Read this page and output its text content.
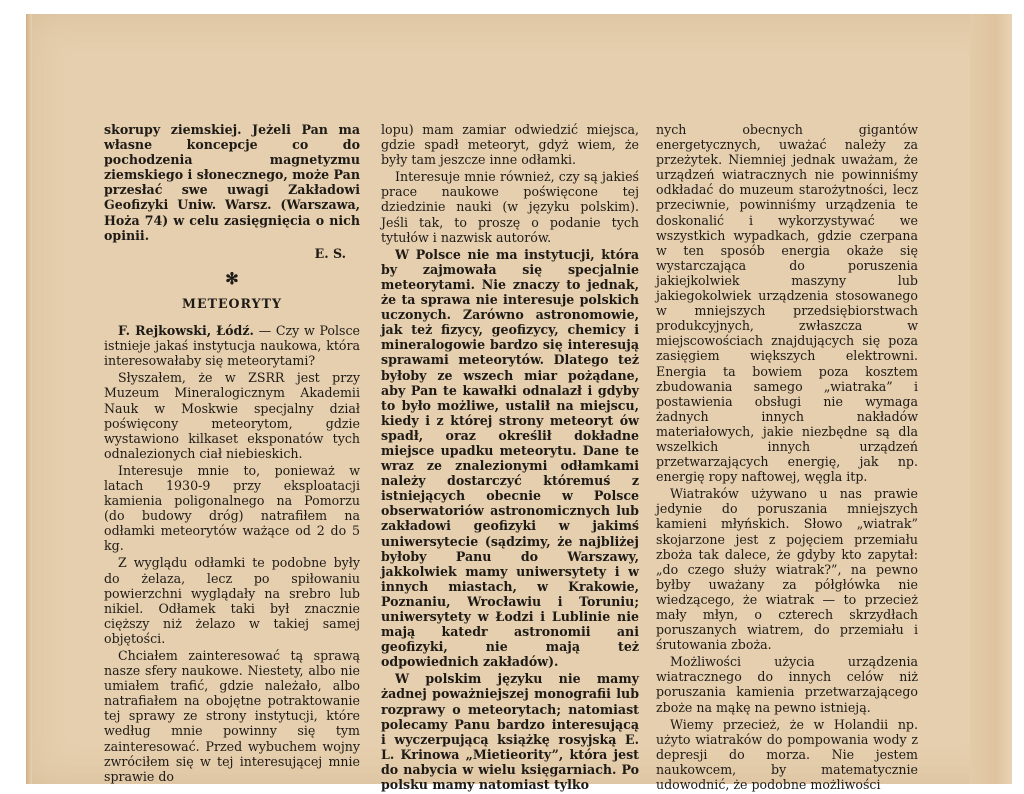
skorupy ziemskiej. Jeżeli Pan ma własne koncepcje co do pochodzenia magnetyzmu ziemskiego i słonecznego, może Pan przesłać swe uwagi Zakładowi Geofizyki Uniw. Warsz. (Warszawa, Hoża 74) w celu zasięgnięcia o nich opinii.

E. S.
✻
METEORYTY

F. Rejkowski, Łódź. — Czy w Polsce istnieje jakaś instytucja naukowa, która interesowałaby się meteorytami?

Słyszałem, że w ZSRR jest przy Muzeum Mineralogicznym Akademii Nauk w Moskwie specjalny dział poświęcony meteorytom, gdzie wystawiono kilkaset eksponatów tych odnalezionych ciał niebieskich.

Interesuje mnie to, ponieważ w latach 1930-9 przy eksploatacji kamienia poligonalnego na Pomorzu (do budowy dróg) natrafiłem na odłamki meteorytów ważące od 2 do 5 kg.

Z wyglądu odłamki te podobne były do żelaza, lecz po spiłowaniu powierzchni wyglądały na srebro lub nikiel. Odłamek taki był znacznie cięższy niż żelazo w takiej samej objętości.

Chciałem zainteresować tą sprawą nasze sfery naukowe. Niestety, albo nie umiałem trafić, gdzie należało, albo natrafiałem na obojętne potraktowanie tej sprawy ze strony instytucji, które według mnie powinny się tym zainteresować. Przed wybuchem wojny zwróciłem się w tej interesującej mnie sprawie do

lopu) mam zamiar odwiedzić miejsca, gdzie spadł meteoryt, gdyż wiem, że były tam jeszcze inne odłamki.

Interesuje mnie również, czy są jakieś prace naukowe poświęcone tej dziedzinie nauki (w języku polskim). Jeśli tak, to proszę o podanie tych tytułów i nazwisk autorów.

W Polsce nie ma instytucji, która by zajmowała się specjalnie meteorytami. Nie znaczy to jednak, że ta sprawa nie interesuje polskich uczonych. Zarówno astronomowie, jak też fizycy, geofizycy, chemicy i mineralogowie bardzo się interesują sprawami meteorytów. Dlatego też byłoby ze wszech miar pożądane, aby Pan te kawałki odnalazł i gdyby to było możliwe, ustalił na miejscu, kiedy i z której strony meteoryt ów spadł, oraz określił dokładne miejsce upadku meteorytu. Dane te wraz ze znalezionymi odłamkami należy dostarczyć któremuś z istniejących obecnie w Polsce obserwatoriów astronomicznych lub zakładowi geofizyki w jakimś uniwersytecie (sądzimy, że najbliżej byłoby Panu do Warszawy, jakkolwiek mamy uniwersytety i w innych miastach, w Krakowie, Poznaniu, Wrocławiu i Toruniu; uniwersytety w Łodzi i Lublinie nie mają katedr astronomii ani geofizyki, nie mają też odpowiednich zakładów).

W polskim języku nie mamy żadnej poważniejszej monografii lub rozprawy o meteorytach; natomiast polecamy Panu bardzo interesującą i wyczerpującą książkę rosyjską E. L. Krinowa „Mietieority”, która jest do nabycia w wielu księgarniach. Po polsku mamy natomiast tylko

nych obecnych gigantów energetycznych, uważać należy za przeżytek. Niemniej jednak uważam, że urządzeń wiatracznych nie powinniśmy odkładać do muzeum starożytności, lecz przeciwnie, powinniśmy urządzenia te doskonalić i wykorzystywać we wszystkich wypadkach, gdzie czerpana w ten sposób energia okaże się wystarczająca do poruszenia jakiejkolwiek maszyny lub jakiegokolwiek urządzenia stosowanego w mniejszych przedsiębiorstwach produkcyjnych, zwłaszcza w miejscowościach znajdujących się poza zasięgiem większych elektrowni. Energia ta bowiem poza kosztem zbudowania samego „wiatraka” i postawienia obsługi nie wymaga żadnych innych nakładów materiałowych, jakie niezbędne są dla wszelkich innych urządzeń przetwarzających energię, jak np. energię ropy naftowej, węgla itp.

Wiatraków używano u nas prawie jedynie do poruszania mniejszych kamieni młyńskich. Słowo „wiatrak” skojarzone jest z pojęciem przemiału zboża tak dalece, że gdyby kto zapytał: „do czego służy wiatrak?”, na pewno byłby uważany za półgłówka nie wiedzącego, że wiatrak — to przecież mały młyn, o czterech skrzydłach poruszanych wiatrem, do przemiału i śrutowania zboża.

Możliwości użycia urządzenia wiatracznego do innych celów niż poruszania kamienia przetwarzającego zboże na mąkę na pewno istnieją.

Wiemy przecież, że w Holandii np. użyto wiatraków do pompowania wody z depresji do morza. Nie jestem naukowcem, by matematycznie udowodnić, że podobne możliwości
